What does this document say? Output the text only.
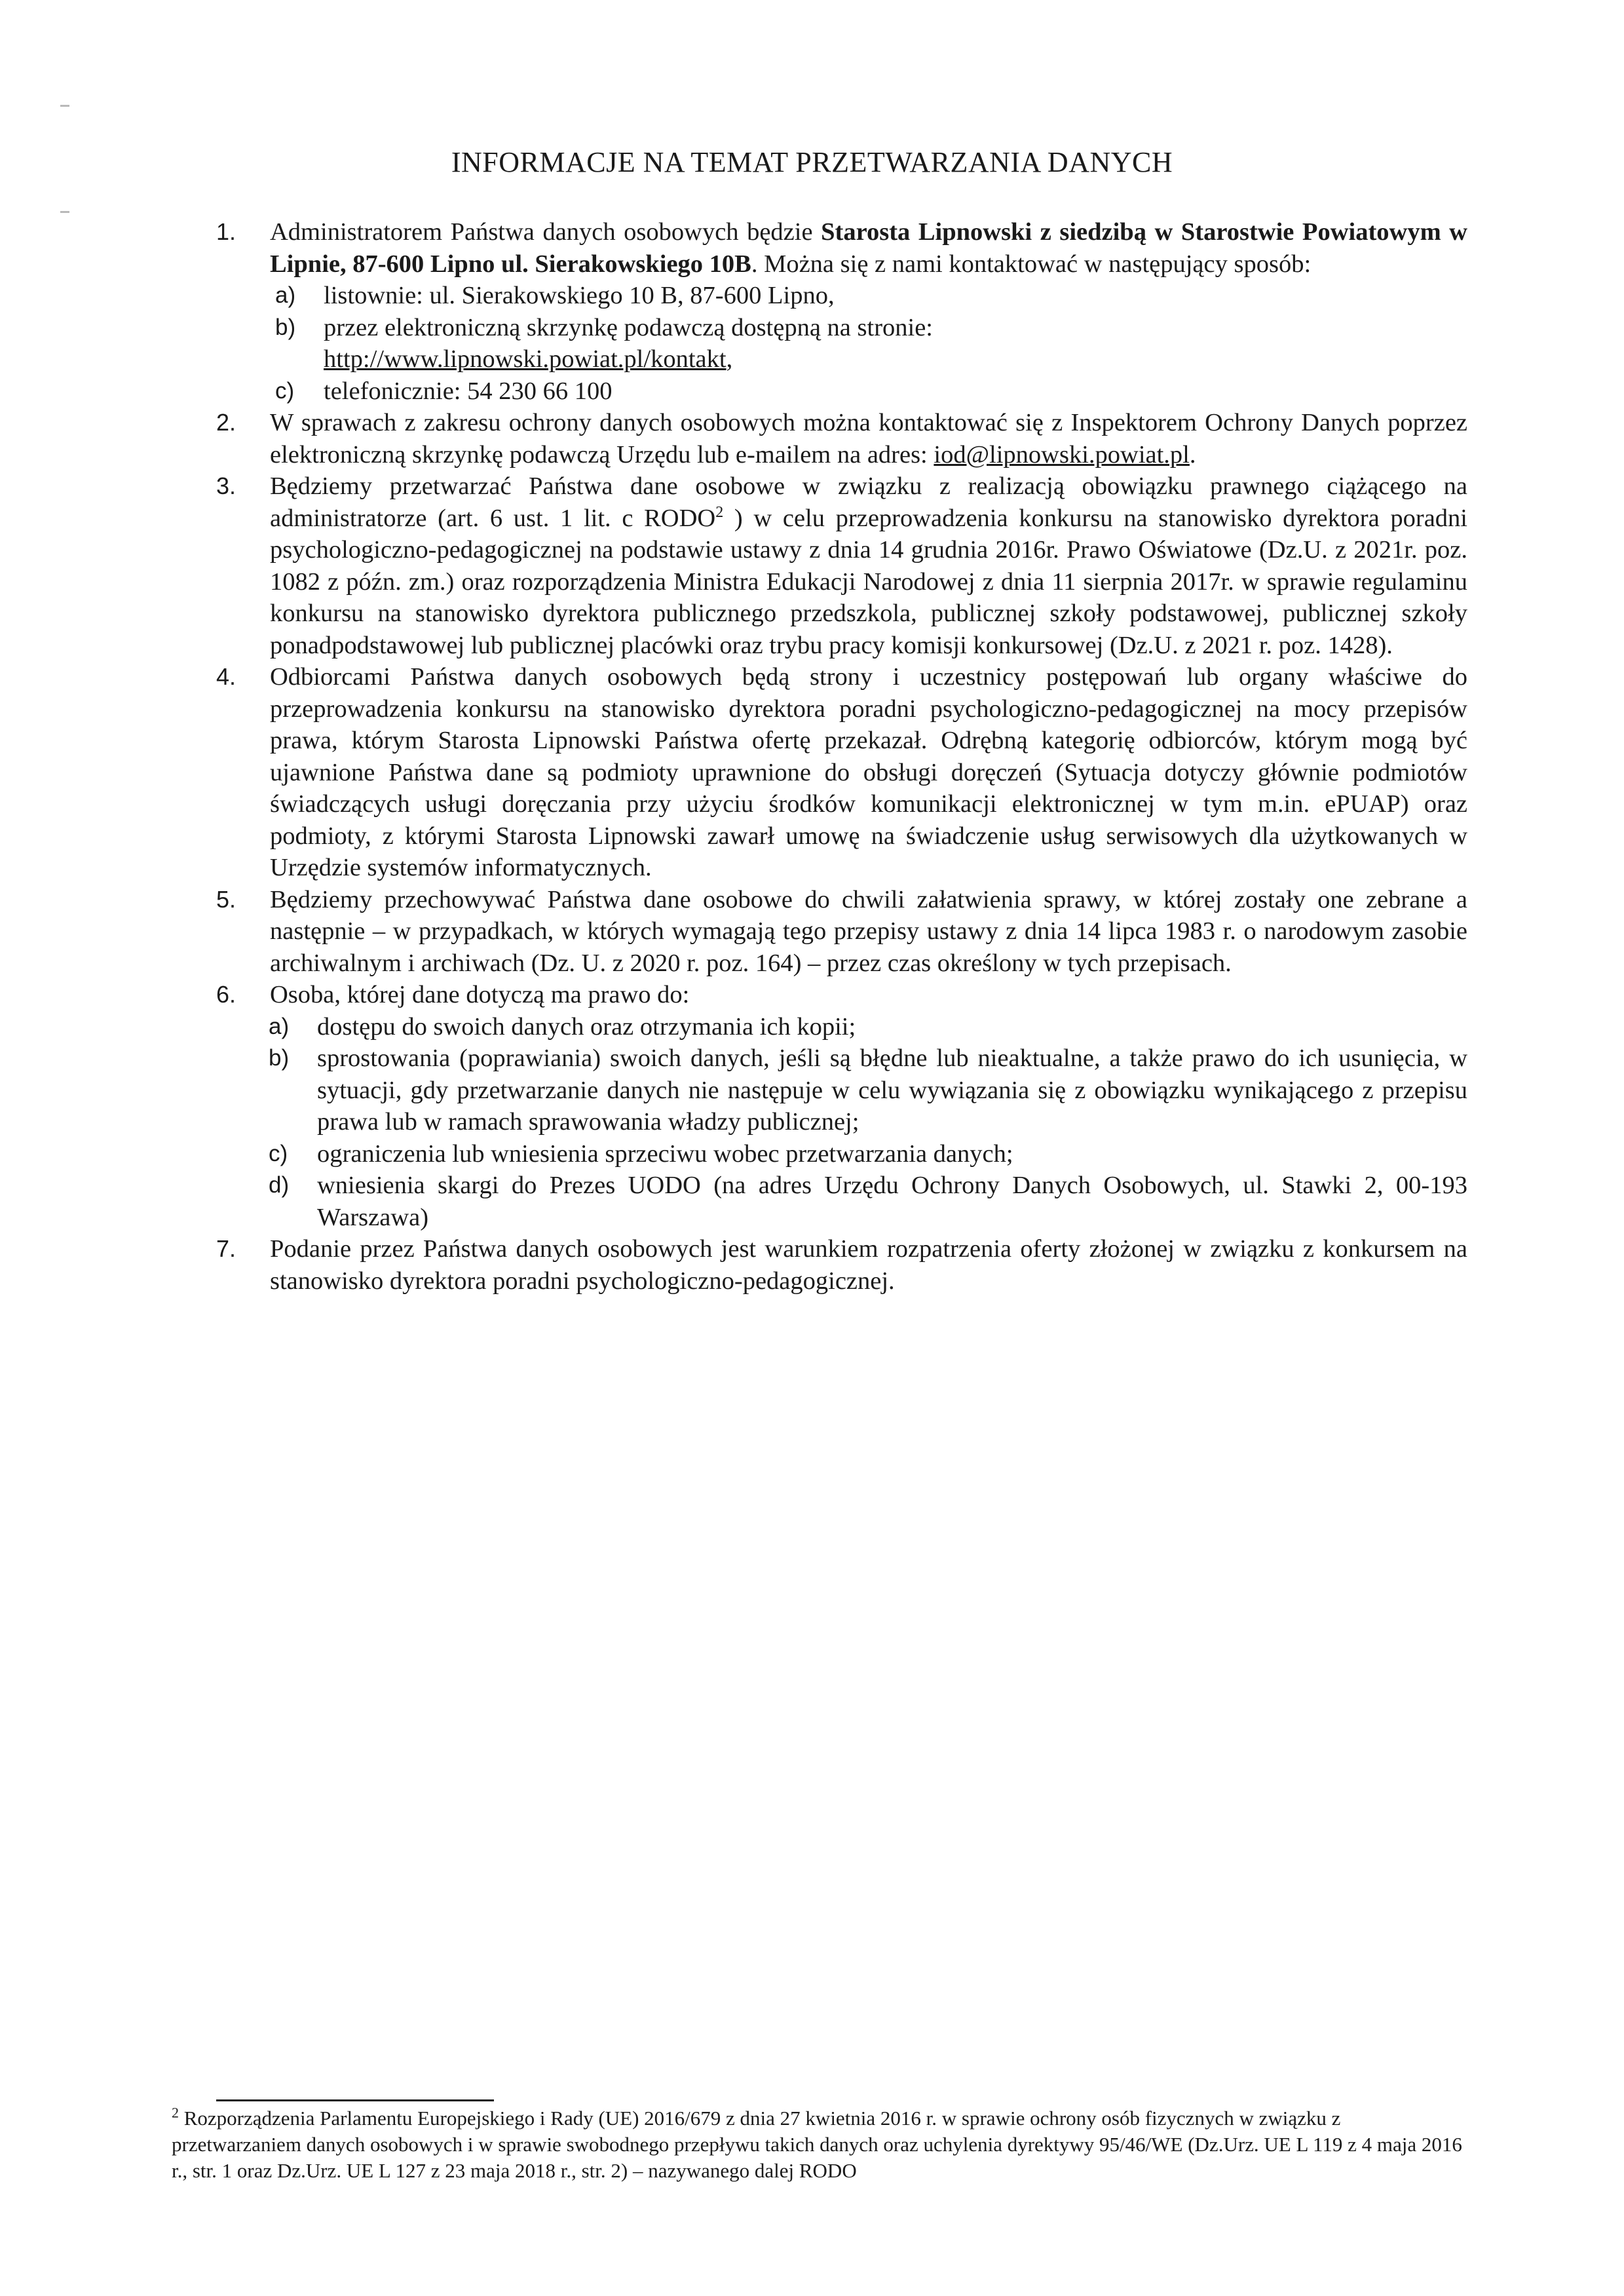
INFORMACJE NA TEMAT PRZETWARZANIA DANYCH
1. Administratorem Państwa danych osobowych będzie Starosta Lipnowski z siedzibą w Starostwie Powiatowym w Lipnie, 87-600 Lipno ul. Sierakowskiego 10B. Można się z nami kontaktować w następujący sposób:
a) listownie: ul. Sierakowskiego 10 B, 87-600 Lipno,
b) przez elektroniczną skrzynkę podawczą dostępną na stronie:
http://www.lipnowski.powiat.pl/kontakt,
c) telefonicznie: 54 230 66 100
2. W sprawach z zakresu ochrony danych osobowych można kontaktować się z Inspektorem Ochrony Danych poprzez elektroniczną skrzynkę podawczą Urzędu lub e-mailem na adres: iod@lipnowski.powiat.pl.
3. Będziemy przetwarzać Państwa dane osobowe w związku z realizacją obowiązku prawnego ciążącego na administratorze (art. 6 ust. 1 lit. c RODO$^2$ ) w celu przeprowadzenia konkursu na stanowisko dyrektora poradni psychologiczno-pedagogicznej na podstawie ustawy z dnia 14 grudnia 2016r. Prawo Oświatowe (Dz.U. z 2021r. poz. 1082 z późn. zm.) oraz rozporządzenia Ministra Edukacji Narodowej z dnia 11 sierpnia 2017r. w sprawie regulaminu konkursu na stanowisko dyrektora publicznego przedszkola, publicznej szkoły podstawowej, publicznej szkoły ponadpodstawowej lub publicznej placówki oraz trybu pracy komisji konkursowej (Dz.U. z 2021 r. poz. 1428).
4. Odbiorcami Państwa danych osobowych będą strony i uczestnicy postępowań lub organy właściwe do przeprowadzenia konkursu na stanowisko dyrektora poradni psychologiczno-pedagogicznej na mocy przepisów prawa, którym Starosta Lipnowski Państwa ofertę przekazał. Odrębną kategorię odbiorców, którym mogą być ujawnione Państwa dane są podmioty uprawnione do obsługi doręczeń (Sytuacja dotyczy głównie podmiotów świadczących usługi doręczania przy użyciu środków komunikacji elektronicznej w tym m.in. ePUAP) oraz podmioty, z którymi Starosta Lipnowski zawarł umowę na świadczenie usług serwisowych dla użytkowanych w Urzędzie systemów informatycznych.
5. Będziemy przechowywać Państwa dane osobowe do chwili załatwienia sprawy, w której zostały one zebrane a następnie – w przypadkach, w których wymagają tego przepisy ustawy z dnia 14 lipca 1983 r. o narodowym zasobie archiwalnym i archiwach (Dz. U. z 2020 r. poz. 164) – przez czas określony w tych przepisach.
6. Osoba, której dane dotyczą ma prawo do:
a) dostępu do swoich danych oraz otrzymania ich kopii;
b) sprostowania (poprawiania) swoich danych, jeśli są błędne lub nieaktualne, a także prawo do ich usunięcia, w sytuacji, gdy przetwarzanie danych nie następuje w celu wywiązania się z obowiązku wynikającego z przepisu prawa lub w ramach sprawowania władzy publicznej;
c) ograniczenia lub wniesienia sprzeciwu wobec przetwarzania danych;
d) wniesienia skargi do Prezes UODO (na adres Urzędu Ochrony Danych Osobowych, ul. Stawki 2, 00-193 Warszawa)
7. Podanie przez Państwa danych osobowych jest warunkiem rozpatrzenia oferty złożonej w związku z konkursem na stanowisko dyrektora poradni psychologiczno-pedagogicznej.
$^2$ Rozporządzenia Parlamentu Europejskiego i Rady (UE) 2016/679 z dnia 27 kwietnia 2016 r. w sprawie ochrony osób fizycznych w związku z przetwarzaniem danych osobowych i w sprawie swobodnego przepływu takich danych oraz uchylenia dyrektywy 95/46/WE (Dz.Urz. UE L 119 z 4 maja 2016 r., str. 1 oraz Dz.Urz. UE L 127 z 23 maja 2018 r., str. 2) – nazywanego dalej RODO
